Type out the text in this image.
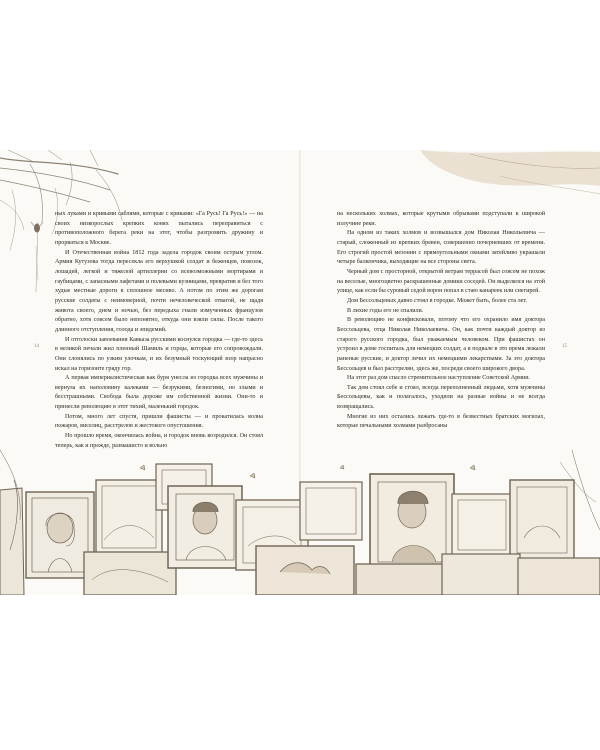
14	15

ных луками и кривыми саблями, которые с криками: «Га Русь! Га Русь!» — на своих низкорослых крепких конях пытались переправиться с противоположного берега реки на этот, чтобы разгромить дружину и прорваться к Москве.

И Отечественная война 1812 года задела городок своим острым углом. Армия Кутузова тогда пересекла его верхушкой солдат и беженцев, повозок, лошадей, легкой и тяжелой артиллерии со всевозможными мортирами и гаубицами, с запасными лафетами и полевыми кузницами, превратив и без того худые местные дороги в сплошное месиво. А потом по этим же дорогам русские солдаты с неимоверной, почти нечеловеческой отвагой, не щадя живота своего, днем и ночью, без передыха гнали измученных французов обратно, хотя совсем было непонятно, откуда они взяли силы. После такого длинного отступления, голода и эпидемий.

И отголоски завоевания Кавказа русскими коснулся городка — где-то здесь в великой печали жил пленный Шамиль и горцы, которые его сопровождали. Они слонялись по узким улочкам, и их безумный тоскующий взор напрасно искал на горизонте гряду гор.

А первая империалистическая как буря унесла из городка всех мужчины и вернула их наполовину калеками — безрукими, безногими, но злыми и бесстрашными. Свобода была дороже им собственной жизни. Они-то и принесли революцию в этот тихий, маленький городок.

Потом, много лет спустя, пришли фашисты — и прокатилась волна пожаров, виселиц, расстрелов и жестокого опустошения.

Но прошло время, окончилась война, и городок вновь возродился. Он стоял теперь, как и прежде, размашисто и вольно

на нескольких холмах, которые крутыми обрывами подступали к широкой излучине реки.

На одном из таких холмов и возвышался дом Николая Никольевича — старый, сложенный из крепких бревен, совершенно почерневших от времени. Его строгий простой мезонин с прямоугольными окнами затейливо украшали четыре балкончика, выходящие на все стороны света.

Черный дом с просторной, открытой ветрам террасой был совсем не похож на веселые, многоцветно раскрашенные домики соседей. Он выделялся на этой улице, как если бы суровый седой ворон попал в стаю канареек или снегирей.

Дом Бессольцевых давно стоял в городке. Может быть, более ста лет.

В лихие годы его не спалили.

В революцию не конфисковали, потому что его охранило имя доктора Бессольцева, отца Николая Николаевича. Он, как почти каждый доктор из старого русского городка, был уважаемым человеком. При фашистах он устроил в доме госпиталь для немецких солдат, а в подвале в это время лежали раненые русские, и доктор лечил их немецкими лекарствами. За это доктора Бессольцев и был расстрелян, здесь же, посреди своего широкого двора.

На этот раз дом спасло стремительное наступление Советской Армии.

Так дом стоял себе и стоял, всегда переполненный людьми, хотя мужчины Бессольцевы, как и полагалось, уходили на разные войны и не всегда возвращались.

Многие из них остались лежать где-то в безвестных братских могилах, которые печальными холмами разбросаны
